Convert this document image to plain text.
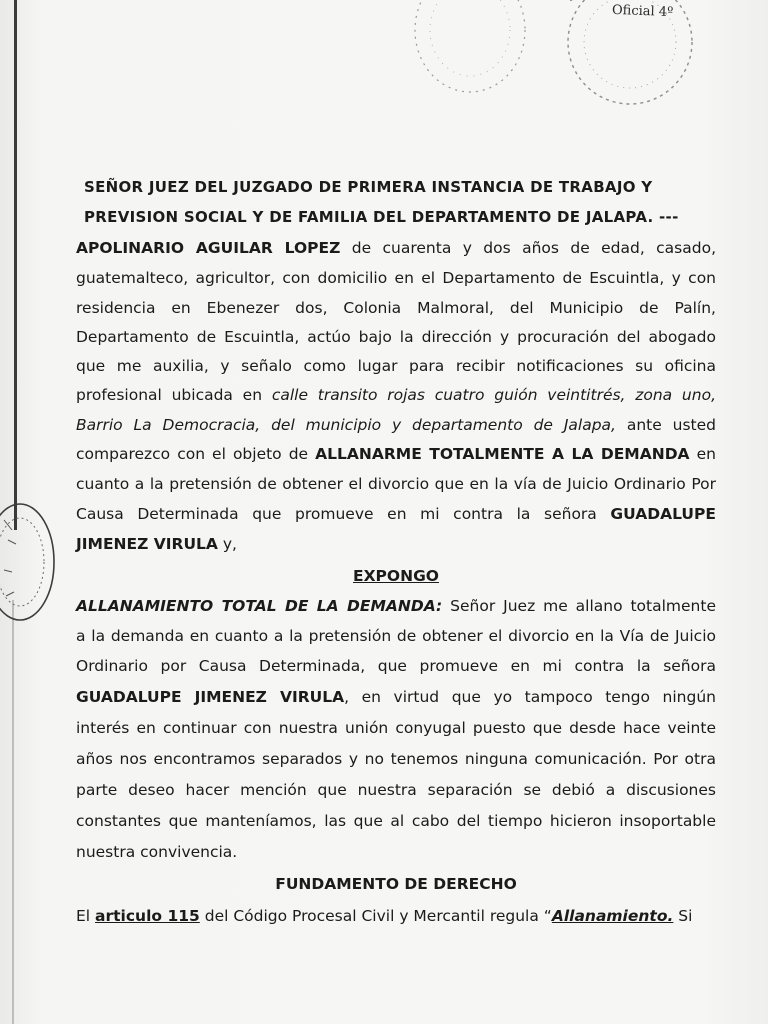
Oficial 4º
SEÑOR JUEZ DEL JUZGADO DE PRIMERA INSTANCIA DE TRABAJO Y
PREVISION SOCIAL Y DE FAMILIA DEL DEPARTAMENTO DE JALAPA. ---
APOLINARIO AGUILAR LOPEZ de cuarenta y dos años de edad, casado,
guatemalteco, agricultor, con domicilio en el Departamento de Escuintla, y con
residencia en Ebenezer dos, Colonia Malmoral, del Municipio de Palín,
Departamento de Escuintla, actúo bajo la dirección y procuración del abogado
que me auxilia, y señalo como lugar para recibir notificaciones su oficina
profesional ubicada en calle transito rojas cuatro guión veintitrés, zona uno,
Barrio La Democracia, del municipio y departamento de Jalapa, ante usted
comparezco con el objeto de ALLANARME TOTALMENTE A LA DEMANDA en
cuanto a la pretensión de obtener el divorcio que en la vía de Juicio Ordinario Por
Causa Determinada que promueve en mi contra la señora GUADALUPE
JIMENEZ VIRULA y,
EXPONGO
ALLANAMIENTO TOTAL DE LA DEMANDA: Señor Juez me allano totalmente
a la demanda en cuanto a la pretensión de obtener el divorcio en la Vía de Juicio
Ordinario por Causa Determinada, que promueve en mi contra la señora
GUADALUPE JIMENEZ VIRULA, en virtud que yo tampoco tengo ningún
interés en continuar con nuestra unión conyugal puesto que desde hace veinte
años nos encontramos separados y no tenemos ninguna comunicación. Por otra
parte deseo hacer mención que nuestra separación se debió a discusiones
constantes que manteníamos, las que al cabo del tiempo hicieron insoportable
nuestra convivencia.
FUNDAMENTO DE DERECHO
El articulo 115 del Código Procesal Civil y Mercantil regula “Allanamiento. Si
